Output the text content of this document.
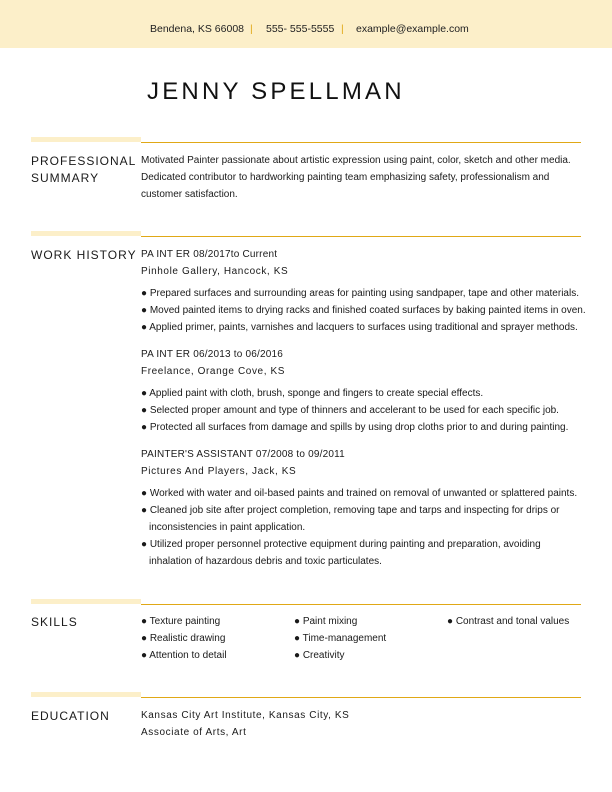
Bendena, KS 66008 | 555- 555-5555 | example@example.com
JENNY SPELLMAN
PROFESSIONAL
SUMMARY
Motivated Painter passionate about artistic expression using paint, color, sketch and other media.
Dedicated contributor to hardworking painting team emphasizing safety, professionalism and
customer satisfaction.
WORK HISTORY PA INT ER 08/2017to Current
Pinhole Gallery, Hancock, KS
● Prepared surfaces and surrounding areas for painting using sandpaper, tape and other materials.
● Moved painted items to drying racks and finished coated surfaces by baking painted items in oven.
● Applied primer, paints, varnishes and lacquers to surfaces using traditional and sprayer methods.
PA INT ER 06/2013 to 06/2016
Freelance, Orange Cove, KS
● Applied paint with cloth, brush, sponge and fingers to create special effects.
● Selected proper amount and type of thinners and accelerant to be used for each specific job.
● Protected all surfaces from damage and spills by using drop cloths prior to and during painting.
PAINTER'S ASSISTANT 07/2008 to 09/2011
Pictures And Players, Jack, KS
● Worked with water and oil-based paints and trained on removal of unwanted or splattered paints.
● Cleaned job site after project completion, removing tape and tarps and inspecting for drips or
inconsistencies in paint application.
● Utilized proper personnel protective equipment during painting and preparation, avoiding
inhalation of hazardous debris and toxic particulates.
SKILLS	● Texture painting
● Realistic drawing
● Attention to detail
● Paint mixing
● Time-management
● Creativity
● Contrast and tonal values
EDUCATION	Kansas City Art Institute, Kansas City, KS
Associate of Arts, Art
